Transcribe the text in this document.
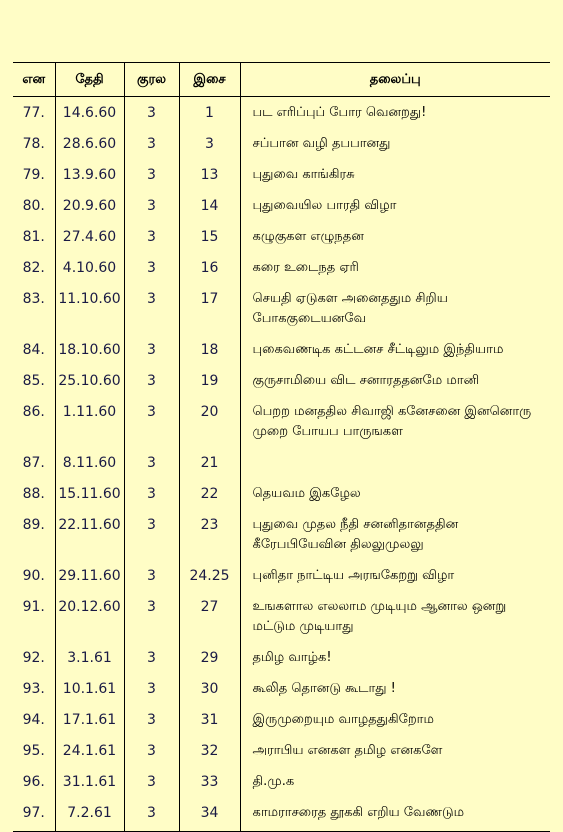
என	தேதி	குரல	இசை	தலைப்பு
77.	14.6.60	3	1	பட எரிப்புப் போர வெனறது!
78.	28.6.60	3	3	சப்பான வழி தபபானது
79.	13.9.60	3	13	புதுவை காங்கிரசு
80.	20.9.60	3	14	புதுவையில பாரதி விழா
81.	27.4.60	3	15	கழுகுகள எழுநதன
82.	4.10.60	3	16	கரை உடைநத ஏரி
83.	11.10.60	3	17	செயதி ஏடுகள அனைததும சிறிய போககுடையனவே
84.	18.10.60	3	18	புகைவணடிக கட்டனச சீட்டிலும இந்தியாம
85.	25.10.60	3	19	குருசாமியை விட சனாரததனமே மானி
86.	1.11.60	3	20	பெறற மனததில சிவாஜி கனேசனை இனனொரு முறை போயப பாருஙகள
87.	8.11.60	3	21	
88.	15.11.60	3	22	தெயவம இகழேல
89.	22.11.60	3	23	புதுவை முதல நீதி சனனிதானததின கீரேபபியேவின திலலுமுலலு
90.	29.11.60	3	24.25	புனிதா நாட்டிய அரஙகேறறு விழா
91.	20.12.60	3	27	உஙகளால எலலாம முடியும ஆனால ஒனறு மட்டும முடியாது
92.	3.1.61	3	29	தமிழ வாழ்க!
93.	10.1.61	3	30	கூலித தொனடு கூடாது !
94.	17.1.61	3	31	இருமுறையும வாழததுகிறோம
95.	24.1.61	3	32	அராபிய எனகள தமிழ எனகளே
96.	31.1.61	3	33	தி.மு.க
97.	7.2.61	3	34	காமராசரைத தூககி எறிய வேணடும
